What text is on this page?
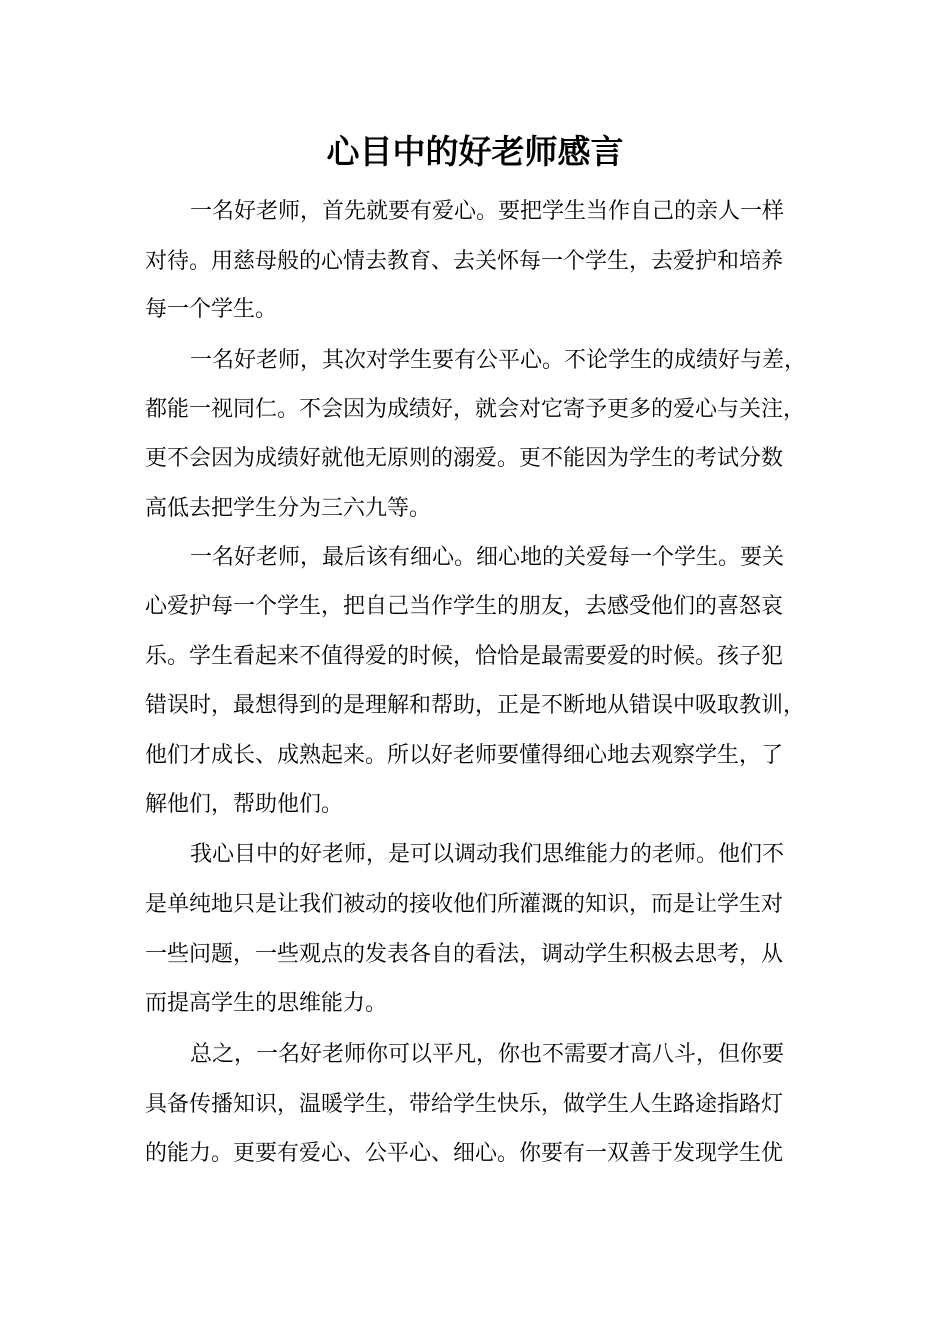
心目中的好老师感言
一名好老师，首先就要有爱心。要把学生当作自己的亲人一样
对待。用慈母般的心情去教育、去关怀每一个学生，去爱护和培养
每一个学生。
一名好老师，其次对学生要有公平心。不论学生的成绩好与差，
都能一视同仁。不会因为成绩好，就会对它寄予更多的爱心与关注，
更不会因为成绩好就他无原则的溺爱。更不能因为学生的考试分数
高低去把学生分为三六九等。
一名好老师，最后该有细心。细心地的关爱每一个学生。要关
心爱护每一个学生，把自己当作学生的朋友，去感受他们的喜怒哀
乐。学生看起来不值得爱的时候，恰恰是最需要爱的时候。孩子犯
错误时，最想得到的是理解和帮助，正是不断地从错误中吸取教训，
他们才成长、成熟起来。所以好老师要懂得细心地去观察学生，了
解他们，帮助他们。
我心目中的好老师，是可以调动我们思维能力的老师。他们不
是单纯地只是让我们被动的接收他们所灌溉的知识，而是让学生对
一些问题，一些观点的发表各自的看法，调动学生积极去思考，从
而提高学生的思维能力。
总之，一名好老师你可以平凡，你也不需要才高八斗，但你要
具备传播知识，温暖学生，带给学生快乐，做学生人生路途指路灯
的能力。更要有爱心、公平心、细心。你要有一双善于发现学生优
